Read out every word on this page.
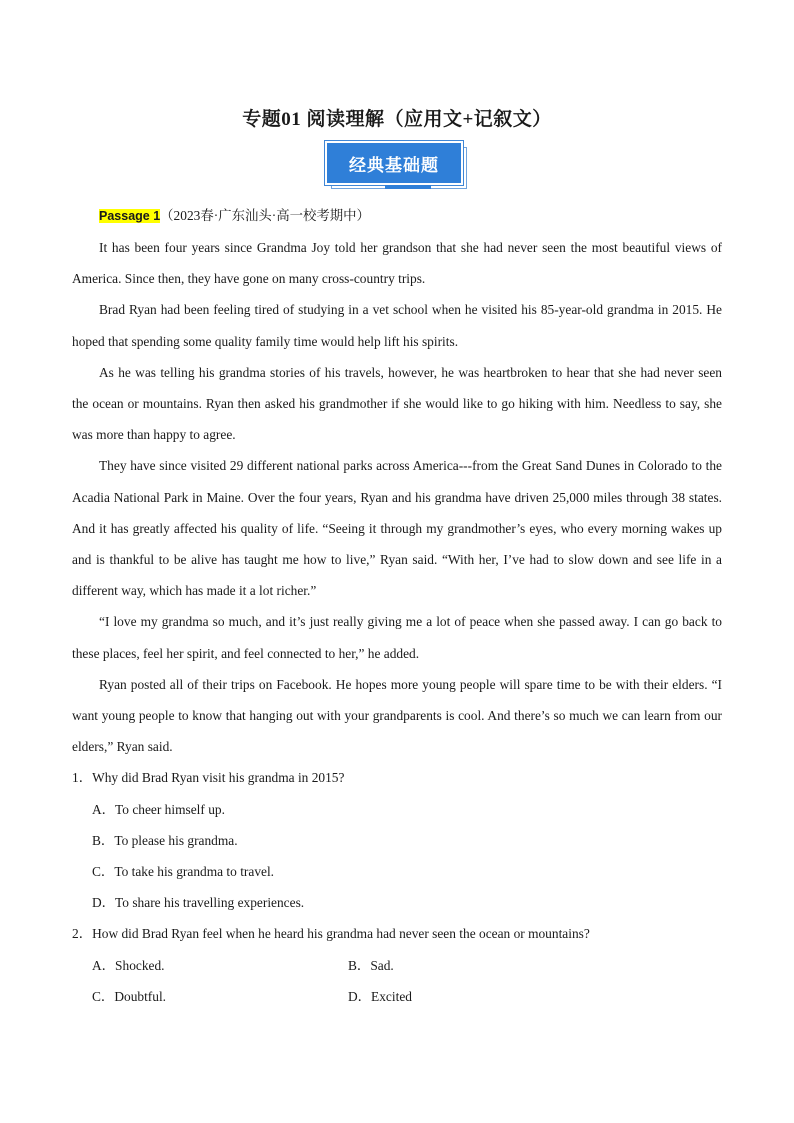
专题01 阅读理解（应用文+记叙文）
经典基础题

Passage 1（2023春·广东汕头·高一校考期中）

It has been four years since Grandma Joy told her grandson that she had never seen the most beautiful views of America. Since then, they have gone on many cross-country trips.

Brad Ryan had been feeling tired of studying in a vet school when he visited his 85-year-old grandma in 2015. He hoped that spending some quality family time would help lift his spirits.

As he was telling his grandma stories of his travels, however, he was heartbroken to hear that she had never seen the ocean or mountains. Ryan then asked his grandmother if she would like to go hiking with him. Needless to say, she was more than happy to agree.

They have since visited 29 different national parks across America---from the Great Sand Dunes in Colorado to the Acadia National Park in Maine. Over the four years, Ryan and his grandma have driven 25,000 miles through 38 states. And it has greatly affected his quality of life. “Seeing it through my grandmother’s eyes, who every morning wakes up and is thankful to be alive has taught me how to live,” Ryan said. “With her, I’ve had to slow down and see life in a different way, which has made it a lot richer.”

“I love my grandma so much, and it’s just really giving me a lot of peace when she passed away. I can go back to these places, feel her spirit, and feel connected to her,” he added.

Ryan posted all of their trips on Facebook. He hopes more young people will spare time to be with their elders. “I want young people to know that hanging out with your grandparents is cool. And there’s so much we can learn from our elders,” Ryan said.

1．Why did Brad Ryan visit his grandma in 2015?

A．To cheer himself up.

B．To please his grandma.

C．To take his grandma to travel.

D．To share his travelling experiences.

2．How did Brad Ryan feel when he heard his grandma had never seen the ocean or mountains?

A．Shocked.	B．Sad.
C．Doubtful.	D．Excited
